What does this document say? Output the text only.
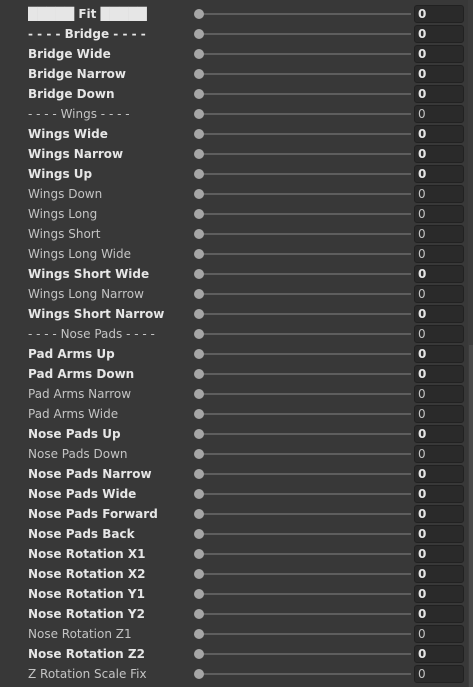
█████ Fit █████	0
- - - - Bridge - - - -	0
Bridge Wide	0
Bridge Narrow	0
Bridge Down	0
- - - - Wings - - - -	0
Wings Wide	0
Wings Narrow	0
Wings Up	0
Wings Down	0
Wings Long	0
Wings Short	0
Wings Long Wide	0
Wings Short Wide	0
Wings Long Narrow	0
Wings Short Narrow	0
- - - - Nose Pads - - - -	0
Pad Arms Up	0
Pad Arms Down	0
Pad Arms Narrow	0
Pad Arms Wide	0
Nose Pads Up	0
Nose Pads Down	0
Nose Pads Narrow	0
Nose Pads Wide	0
Nose Pads Forward	0
Nose Pads Back	0
Nose Rotation X1	0
Nose Rotation X2	0
Nose Rotation Y1	0
Nose Rotation Y2	0
Nose Rotation Z1	0
Nose Rotation Z2	0
Z Rotation Scale Fix	0
